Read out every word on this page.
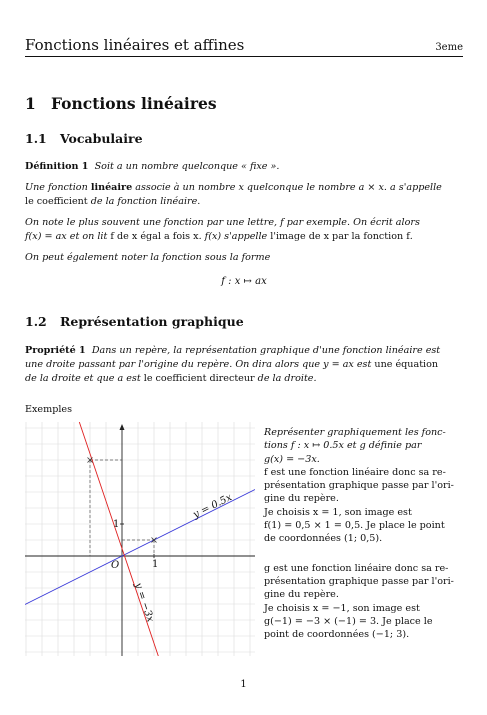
Fonctions linéaires et affines	3eme
1 Fonctions linéaires
1.1 Vocabulaire
Définition 1 Soit a un nombre quelconque « fixe ».
Une fonction linéaire associe à un nombre x quelconque le nombre a × x. a s'appelle
le coefficient de la fonction linéaire.
On note le plus souvent une fonction par une lettre, f par exemple. On écrit alors
f(x) = ax et on lit f de x égal a fois x. f(x) s'appelle l'image de x par la fonction f.
On peut également noter la fonction sous la forme
f : x ↦ ax
1.2 Représentation graphique
Propriété 1 Dans un repère, la représentation graphique d'une fonction linéaire est
une droite passant par l'origine du repère. On dira alors que y = ax est une équation
de la droite et que a est le coefficient directeur de la droite.
Exemples
O	1
1
y = 0.5x
y = −3x
Représenter graphiquement les fonc-
tions f : x ↦ 0.5x et g définie par
g(x) = −3x.
f est une fonction linéaire donc sa re-
présentation graphique passe par l'ori-
gine du repère.
Je choisis x = 1, son image est
f(1) = 0,5 × 1 = 0,5. Je place le point
de coordonnées (1; 0,5).
g est une fonction linéaire donc sa re-
présentation graphique passe par l'ori-
gine du repère.
Je choisis x = −1, son image est
g(−1) = −3 × (−1) = 3. Je place le
point de coordonnées (−1; 3).
1
